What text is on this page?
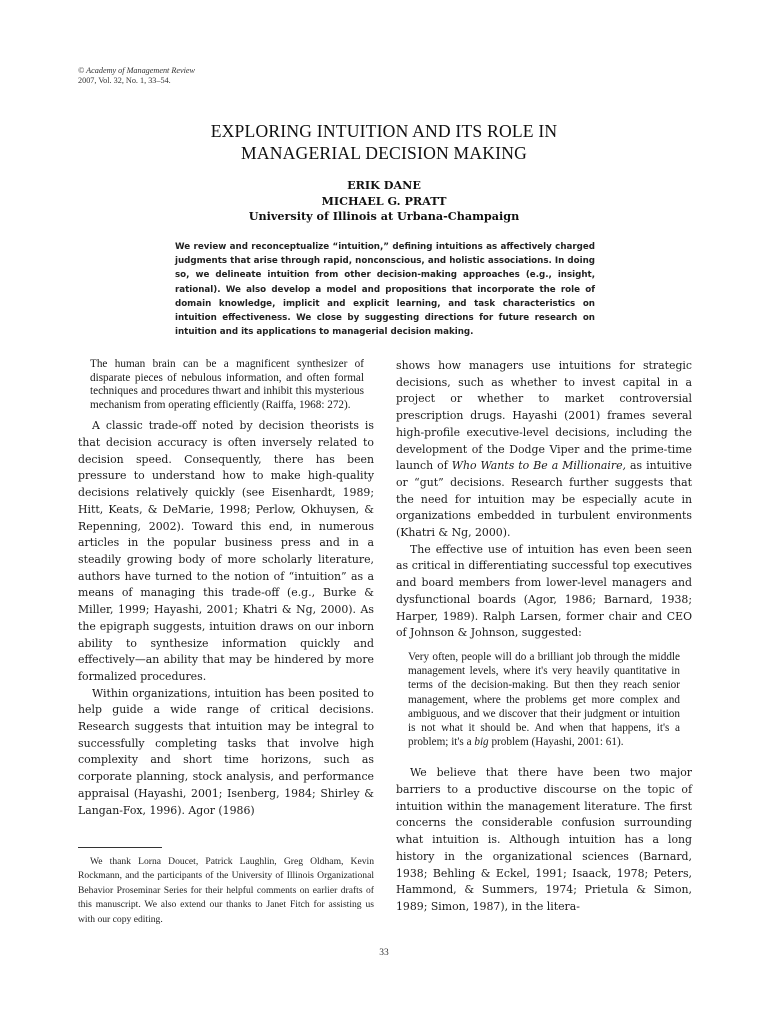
© Academy of Management Review
2007, Vol. 32, No. 1, 33–54.
EXPLORING INTUITION AND ITS ROLE IN
MANAGERIAL DECISION MAKING
ERIK DANE
MICHAEL G. PRATT
University of Illinois at Urbana-Champaign
We review and reconceptualize “intuition,” defining intuitions as affectively charged judgments that arise through rapid, nonconscious, and holistic associations. In doing so, we delineate intuition from other decision-making approaches (e.g., insight, rational). We also develop a model and propositions that incorporate the role of domain knowledge, implicit and explicit learning, and task characteristics on intuition effectiveness. We close by suggesting directions for future research on intuition and its applications to managerial decision making.
The human brain can be a magnificent synthesizer of disparate pieces of nebulous information, and often formal techniques and procedures thwart and inhibit this mysterious mechanism from operating efficiently (Raiffa, 1968: 272).

A classic trade-off noted by decision theorists is that decision accuracy is often inversely related to decision speed. Consequently, there has been pressure to understand how to make high-quality decisions relatively quickly (see Eisenhardt, 1989; Hitt, Keats, & DeMarie, 1998; Perlow, Okhuysen, & Repenning, 2002). Toward this end, in numerous articles in the popular business press and in a steadily growing body of more scholarly literature, authors have turned to the notion of “intuition” as a means of managing this trade-off (e.g., Burke & Miller, 1999; Hayashi, 2001; Khatri & Ng, 2000). As the epigraph suggests, intuition draws on our inborn ability to synthesize information quickly and effectively—an ability that may be hindered by more formalized procedures.

Within organizations, intuition has been posited to help guide a wide range of critical decisions. Research suggests that intuition may be integral to successfully completing tasks that involve high complexity and short time horizons, such as corporate planning, stock analysis, and performance appraisal (Hayashi, 2001; Isenberg, 1984; Shirley & Langan-Fox, 1996). Agor (1986)

shows how managers use intuitions for strategic decisions, such as whether to invest capital in a project or whether to market controversial prescription drugs. Hayashi (2001) frames several high-profile executive-level decisions, including the development of the Dodge Viper and the prime-time launch of Who Wants to Be a Millionaire, as intuitive or “gut” decisions. Research further suggests that the need for intuition may be especially acute in organizations embedded in turbulent environments (Khatri & Ng, 2000).

The effective use of intuition has even been seen as critical in differentiating successful top executives and board members from lower-level managers and dysfunctional boards (Agor, 1986; Barnard, 1938; Harper, 1989). Ralph Larsen, former chair and CEO of Johnson & Johnson, suggested:

Very often, people will do a brilliant job through the middle management levels, where it's very heavily quantitative in terms of the decision-making. But then they reach senior management, where the problems get more complex and ambiguous, and we discover that their judgment or intuition is not what it should be. And when that happens, it's a problem; it's a big problem (Hayashi, 2001: 61).

We believe that there have been two major barriers to a productive discourse on the topic of intuition within the management literature. The first concerns the considerable confusion surrounding what intuition is. Although intuition has a long history in the organizational sciences (Barnard, 1938; Behling & Eckel, 1991; Isaack, 1978; Peters, Hammond, & Summers, 1974; Prietula & Simon, 1989; Simon, 1987), in the litera-

We thank Lorna Doucet, Patrick Laughlin, Greg Oldham, Kevin Rockmann, and the participants of the University of Illinois Organizational Behavior Proseminar Series for their helpful comments on earlier drafts of this manuscript. We also extend our thanks to Janet Fitch for assisting us with our copy editing.

33
